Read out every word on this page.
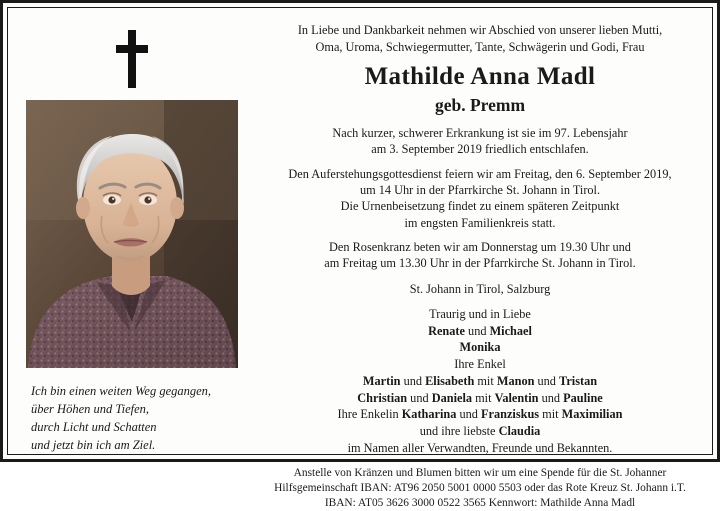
Ich bin einen weiten Weg gegangen,
über Höhen und Tiefen,
durch Licht und Schatten
und jetzt bin ich am Ziel.

In Liebe und Dankbarkeit nehmen wir Abschied von unserer lieben Mutti,

Oma, Uroma, Schwiegermutter, Tante, Schwägerin und Godi, Frau

Mathilde Anna Madl
geb. Premm

Nach kurzer, schwerer Erkrankung ist sie im 97. Lebensjahr

am 3. September 2019 friedlich entschlafen.

Den Auferstehungsgottesdienst feiern wir am Freitag, den 6. September 2019,

um 14 Uhr in der Pfarrkirche St. Johann in Tirol.

Die Urnenbeisetzung findet zu einem späteren Zeitpunkt

im engsten Familienkreis statt.

Den Rosenkranz beten wir am Donnerstag um 19.30 Uhr und

am Freitag um 13.30 Uhr in der Pfarrkirche St. Johann in Tirol.

St. Johann in Tirol, Salzburg

Traurig und in Liebe

Renate und Michael

Monika

Ihre Enkel

Martin und Elisabeth mit Manon und Tristan

Christian und Daniela mit Valentin und Pauline

Ihre Enkelin Katharina und Franziskus mit Maximilian

und ihre liebste Claudia

im Namen aller Verwandten, Freunde und Bekannten.

Anstelle von Kränzen und Blumen bitten wir um eine Spende für die St. Johanner

Hilfsgemeinschaft IBAN: AT96 2050 5001 0000 5503 oder das Rote Kreuz St. Johann i.T.

IBAN: AT05 3626 3000 0522 3565 Kennwort: Mathilde Anna Madl
